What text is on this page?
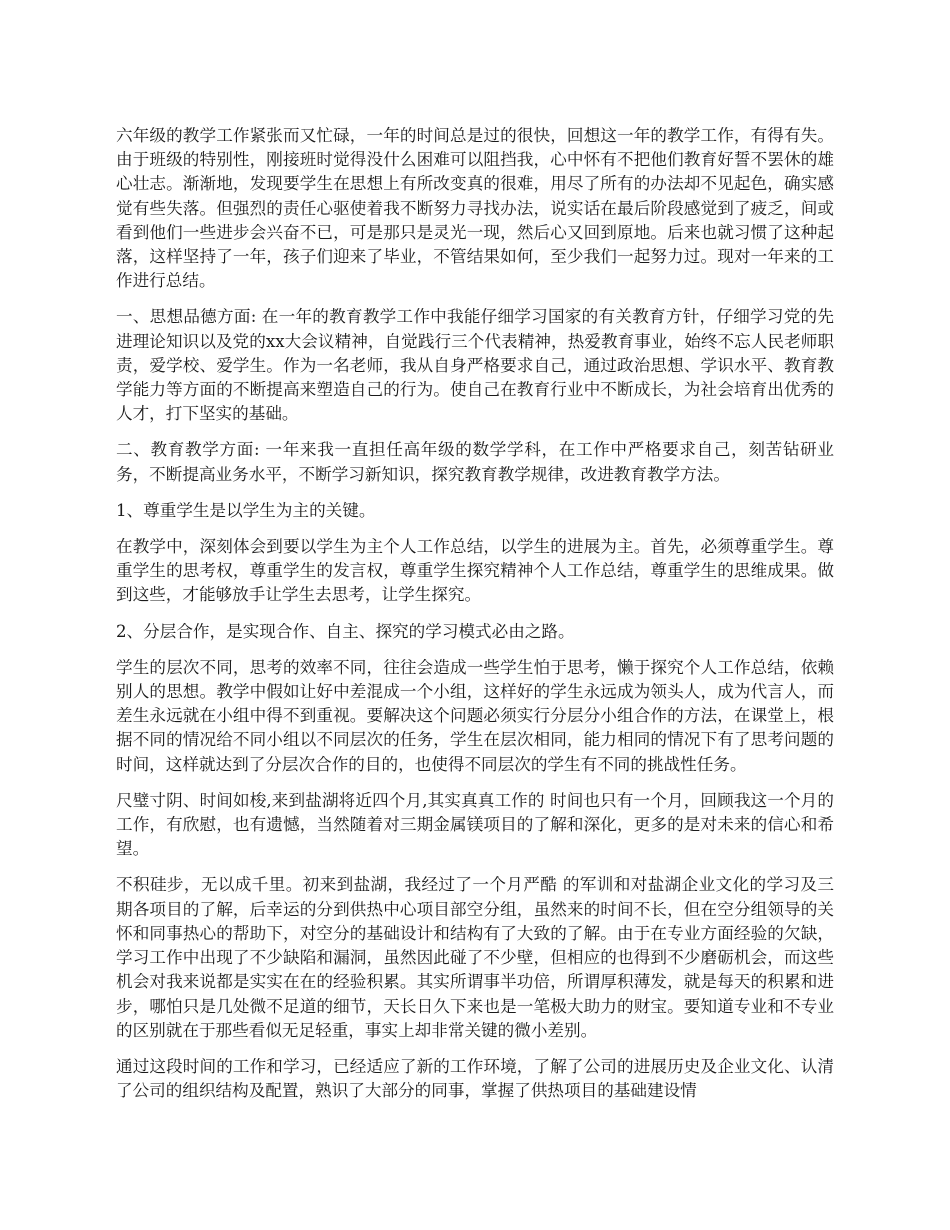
六年级的教学工作紧张而又忙碌，一年的时间总是过的很快，回想这一年的教学工作，有得有失。由于班级的特别性，刚接班时觉得没什么困难可以阻挡我，心中怀有不把他们教育好誓不罢休的雄心壮志。渐渐地，发现要学生在思想上有所改变真的很难，用尽了所有的办法却不见起色，确实感觉有些失落。但强烈的责任心驱使着我不断努力寻找办法，说实话在最后阶段感觉到了疲乏，间或看到他们一些进步会兴奋不已，可是那只是灵光一现，然后心又回到原地。后来也就习惯了这种起落，这样坚持了一年，孩子们迎来了毕业，不管结果如何，至少我们一起努力过。现对一年来的工作进行总结。

一、思想品德方面: 在一年的教育教学工作中我能仔细学习国家的有关教育方针，仔细学习党的先进理论知识以及党的xx大会议精神，自觉践行三个代表精神，热爱教育事业，始终不忘人民老师职责，爱学校、爱学生。作为一名老师，我从自身严格要求自己，通过政治思想、学识水平、教育教学能力等方面的不断提高来塑造自己的行为。使自己在教育行业中不断成长，为社会培育出优秀的人才，打下坚实的基础。

二、教育教学方面: 一年来我一直担任高年级的数学学科，在工作中严格要求自己，刻苦钻研业务，不断提高业务水平，不断学习新知识，探究教育教学规律，改进教育教学方法。

1、尊重学生是以学生为主的关键。

在教学中，深刻体会到要以学生为主个人工作总结，以学生的进展为主。首先，必须尊重学生。尊重学生的思考权，尊重学生的发言权，尊重学生探究精神个人工作总结，尊重学生的思维成果。做到这些，才能够放手让学生去思考，让学生探究。

2、分层合作，是实现合作、自主、探究的学习模式必由之路。

学生的层次不同，思考的效率不同，往往会造成一些学生怕于思考，懒于探究个人工作总结，依赖别人的思想。教学中假如让好中差混成一个小组，这样好的学生永远成为领头人，成为代言人，而差生永远就在小组中得不到重视。要解决这个问题必须实行分层分小组合作的方法，在课堂上，根据不同的情况给不同小组以不同层次的任务，学生在层次相同，能力相同的情况下有了思考问题的时间，这样就达到了分层次合作的目的，也使得不同层次的学生有不同的挑战性任务。

尺璧寸阴、时间如梭,来到盐湖将近四个月,其实真真工作的 时间也只有一个月，回顾我这一个月的工作，有欣慰，也有遗憾，当然随着对三期金属镁项目的了解和深化，更多的是对未来的信心和希望。

不积硅步，无以成千里。初来到盐湖，我经过了一个月严酷 的军训和对盐湖企业文化的学习及三期各项目的了解，后幸运的分到供热中心项目部空分组，虽然来的时间不长，但在空分组领导的关怀和同事热心的帮助下，对空分的基础设计和结构有了大致的了解。由于在专业方面经验的欠缺，学习工作中出现了不少缺陷和漏洞，虽然因此碰了不少壁，但相应的也得到不少磨砺机会，而这些机会对我来说都是实实在在的经验积累。其实所谓事半功倍，所谓厚积薄发，就是每天的积累和进步，哪怕只是几处微不足道的细节，天长日久下来也是一笔极大助力的财宝。要知道专业和不专业的区别就在于那些看似无足轻重，事实上却非常关键的微小差别。

通过这段时间的工作和学习，已经适应了新的工作环境，了解了公司的进展历史及企业文化、认清了公司的组织结构及配置，熟识了大部分的同事，掌握了供热项目的基础建设情
